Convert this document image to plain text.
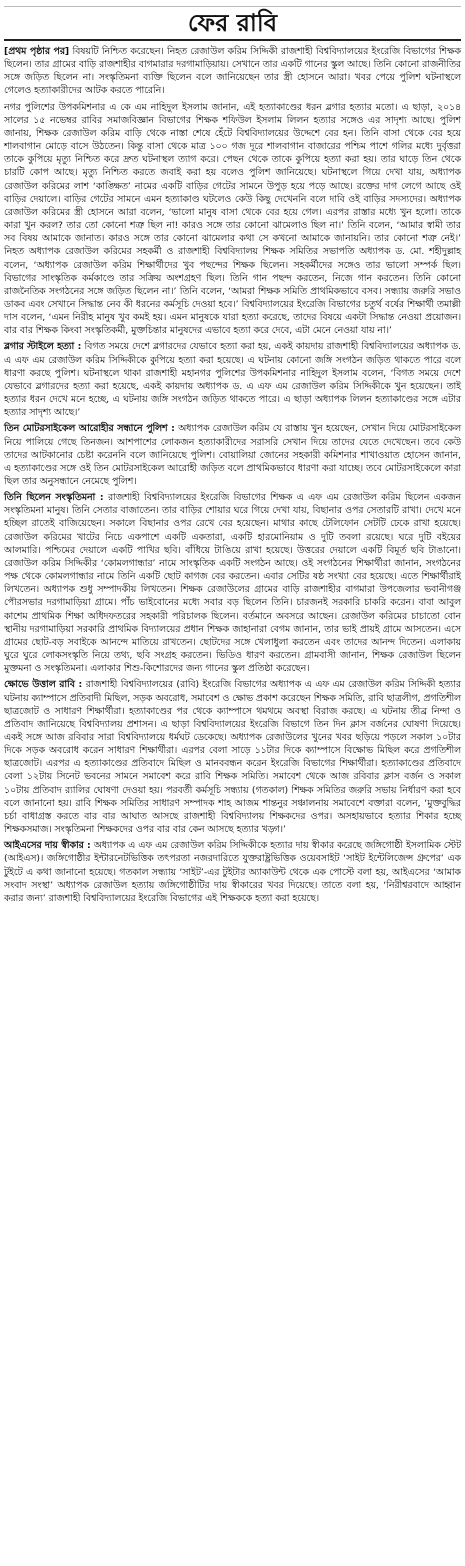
ফের রাবি

[প্রথম পৃষ্ঠার পর] বিষয়টি নিশ্চিত করেছেন। নিহত রেজাউল করিম সিদ্দিকী রাজশাহী বিশ্ববিদ্যালয়ের ইংরেজি বিভাগের শিক্ষক ছিলেন। তার গ্রামের বাড়ি রাজশাহীর বাগমারার দরগামাড়িয়ায়। সেখানে তার একটি গানের স্কুল আছে। তিনি কোনো রাজনীতির সঙ্গে জড়িত ছিলেন না। সংস্কৃতিমনা ব্যক্তি ছিলেন বলে জানিয়েছেন তার স্ত্রী হোসনে আরা। খবর পেয়ে পুলিশ ঘটনাস্থলে গেলেও হত্যাকারীদের আটক করতে পারেনি।

নগর পুলিশের উপকমিশনার এ কে এম নাহিদুল ইসলাম জানান, এই হত্যাকাণ্ডের ধরন ব্লগার হত্যার মতো। এ ছাড়া, ২০১৪ সালের ১৫ নভেম্বর রাবির সমাজবিজ্ঞান বিভাগের শিক্ষক শফিউল ইসলাম লিলন হত্যার সঙ্গেও এর সাদৃশ্য আছে। পুলিশ জানায়, শিক্ষক রেজাউল করিম বাড়ি থেকে নাস্তা শেষে হেঁটে বিশ্ববিদ্যালয়ের উদ্দেশে বের হন। তিনি বাসা থেকে বের হয়ে শালবাগান মোড়ে বাসে উঠতেন। কিন্তু বাসা থেকে মাত্র ১০০ গজ দূরে শালবাগান বাজারের পশ্চিম পাশে গলির মধ্যে দুর্বৃত্তরা তাকে কুপিয়ে মৃত্যু নিশ্চিত করে দ্রুত ঘটনাস্থল ত্যাগ করে। পেছন থেকে তাকে কুপিয়ে হত্যা করা হয়। তার ঘাড়ে তিন থেকে চারটি কোপ আছে। মৃত্যু নিশ্চিত করতে জবাই করা হয় বলেও পুলিশ জানিয়েছে। ঘটনাস্থলে গিয়ে দেখা যায়, অধ্যাপক রেজাউল করিমের লাশ ‘কাঙ্ক্ষিত’ নামের একটি বাড়ির গেটের সামনে উপুড় হয়ে পড়ে আছে। রক্তের দাগ লেগে আছে ওই বাড়ির দেয়ালে। বাড়ির গেটের সামনে এমন হত্যাকাণ্ড ঘটলেও কেউ কিছু দেখেননি বলে দাবি ওই বাড়ির সদস্যদের। অধ্যাপক রেজাউল করিমের স্ত্রী হোসনে আরা বলেন, ‘ভালো মানুষ বাসা থেকে বের হয়ে গেল। এরপর রাস্তার মধ্যে খুন হলো। তাকে কারা খুন করল? তার তো কোনো শত্রু ছিল না! কারও সঙ্গে তার কোনো ঝামেলাও ছিল না।’ তিনি বলেন, ‘আমার স্বামী তার সব বিষয় আমাকে জানাত। কারও সঙ্গে তার কোনো ঝামেলার কথা সে কখনো আমাকে জানায়নি। তার কোনো শত্রু নেই।’ নিহত অধ্যাপক রেজাউল করিমের সহকর্মী ও রাজশাহী বিশ্ববিদ্যালয় শিক্ষক সমিতির সভাপতি অধ্যাপক ড. মো. শহীদুল্লাহ বলেন, ‘অধ্যাপক রেজাউল করিম শিক্ষার্থীদের খুব পছন্দের শিক্ষক ছিলেন। সহকর্মীদের সঙ্গেও তার ভালো সম্পর্ক ছিল। বিভাগের সাংস্কৃতিক কর্মকাণ্ডে তার সক্রিয় অংশগ্রহণ ছিল। তিনি গান পছন্দ করতেন, নিজে গান করতেন। তিনি কোনো রাজনৈতিক সংগঠনের সঙ্গে জড়িত ছিলেন না।’ তিনি বলেন, ‘আমরা শিক্ষক সমিতি প্রাথমিকভাবে বসব। সন্ধ্যায় জরুরি সভাও ডাকব এবং সেখানে সিদ্ধান্ত নেব কী ধরনের কর্মসূচি দেওয়া হবে।’ বিশ্ববিদ্যালয়ের ইংরেজি বিভাগের চতুর্থ বর্ষের শিক্ষার্থী তমাল্লী দাস বলেন, ‘এমন নিরীহ মানুষ খুব কমই হয়। এমন মানুষকে যারা হত্যা করেছে, তাদের বিষয়ে একটা সিদ্ধান্ত নেওয়া প্রয়োজন। বার বার শিক্ষক কিংবা সংস্কৃতিকর্মী, মুক্তচিন্তার মানুষদের এভাবে হত্যা করে দেবে, এটা মেনে নেওয়া যায় না।’

ব্লগার স্টাইলে হত্যা : বিগত সময়ে দেশে ব্লগারদের যেভাবে হত্যা করা হয়, একই কায়দায় রাজশাহী বিশ্ববিদ্যালয়ের অধ্যাপক ড. এ এফ এম রেজাউল করিম সিদ্দিকীকে কুপিয়ে হত্যা করা হয়েছে। এ ঘটনায় কোনো জঙ্গি সংগঠন জড়িত থাকতে পারে বলে ধারণা করছে পুলিশ। ঘটনাস্থলে থাকা রাজশাহী মহানগর পুলিশের উপকমিশনার নাহিদুল ইসলাম বলেন, ‘বিগত সময়ে দেশে যেভাবে ব্লগারদের হত্যা করা হয়েছে, একই কায়দায় অধ্যাপক ড. এ এফ এম রেজাউল করিম সিদ্দিকীকে খুন হয়েছেন। তাই হত্যার ধরন দেখে মনে হচ্ছে, এ ঘটনায় জঙ্গি সংগঠন জড়িত থাকতে পারে। এ ছাড়া অধ্যাপক লিলন হত্যাকাণ্ডের সঙ্গে এটার হত্যার সাদৃশ্য আছে।’

তিন মোটরসাইকেল আরোহীর সন্ধানে পুলিশ : অধ্যাপক রেজাউল করিম যে রাস্তায় খুন হয়েছেন, সেখান দিয়ে মোটরসাইকেল নিয়ে পালিয়ে গেছে তিনজন। আশপাশের লোকজন হত্যাকারীদের সরাসরি সেখান দিয়ে তাদের যেতে দেখেছেন। তবে কেউ তাদের আটকানোর চেষ্টা করেননি বলে জানিয়েছে পুলিশ। বোয়ালিয়া জোনের সহকারী কমিশনার শাখাওয়াত হোসেন জানান, এ হত্যাকাণ্ডের সঙ্গে ওই তিন মোটরসাইকেল আরোহী জড়িত বলে প্রাথমিকভাবে ধারণা করা যাচ্ছে। তবে মোটরসাইকেলে কারা ছিল তার অনুসন্ধানে নেমেছে পুলিশ।

তিনি ছিলেন সংস্কৃতিমনা : রাজশাহী বিশ্ববিদ্যালয়ের ইংরেজি বিভাগের শিক্ষক এ এফ এম রেজাউল করিম ছিলেন একজন সংস্কৃতিমনা মানুষ। তিনি সেতার বাজাতেন। তার বাড়ির শোয়ার ঘরে গিয়ে দেখা যায়, বিছানার ওপর সেতারটি রাখা। দেখে মনে হচ্ছিল রাতেই বাজিয়েছেন। সকালে বিছানার ওপর রেখে বের হয়েছেন। মাথার কাছে টেলিফোন সেটটি ঢেকে রাখা হয়েছে। রেজাউল করিমের খাটের নিচে একপাশে একটি একতারা, একটি হারমোনিয়াম ও দুটি তবলা রয়েছে। ঘরে দুটি বইয়ের আলমারি। পশ্চিমের দেয়ালে একটি পাখির ছবি। বাঁধিয়ে টাঙিয়ে রাখা হয়েছে। উত্তরের দেয়ালে একটি বিমূর্ত ছবি টাঙানো। রেজাউল করিম সিদ্দিকীর ‘কোমলগান্ধার’ নামে সাংস্কৃতিক একটি সংগঠন আছে। ওই সংগঠনের শিক্ষার্থীরা জানান, সংগঠনের পক্ষ থেকে কোমলগান্ধার নামে তিনি একটি ছোট কাগজ বের করতেন। এবার সেটির ষষ্ঠ সংখ্যা বের হয়েছে। এতে শিক্ষার্থীরাই লিখতেন। অধ্যাপক শুধু সম্পাদকীয় লিখতেন। শিক্ষক রেজাউলের গ্রামের বাড়ি রাজশাহীর বাগমারা উপজেলার ভবানীগঞ্জ পৌরসভার দরগামাড়িয়া গ্রামে। পাঁচ ভাইবোনের মধ্যে সবার বড় ছিলেন তিনি। চারজনই সরকারি চাকরি করেন। বাবা আবুল কাশেম প্রাথমিক শিক্ষা অধিদফতরের সহকারী পরিচালক ছিলেন। বর্তমানে অবসরে আছেন। রেজাউল করিমের চাচাতো বোন স্থানীয় দরগামাড়িয়া সরকারি প্রাথমিক বিদ্যালয়ের প্রধান শিক্ষক জাহানারা বেগম জানান, তার ভাই প্রায়ই গ্রামে আসতেন। এসে গ্রামের ছোট-বড় সবাইকে আনন্দে মাতিয়ে রাখতেন। ছোটদের সঙ্গে খেলাধুলা করতেন এবং তাদের আনন্দ দিতেন। এলাকায় ঘুরে ঘুরে লোকসংস্কৃতি নিয়ে তথ্য, ছবি সংগ্রহ করতেন। ভিডিও ধারণ করতেন। গ্রামবাসী জানান, শিক্ষক রেজাউল ছিলেন মুক্তমনা ও সংস্কৃতিমনা। এলাকার শিশু-কিশোরদের জন্য গানের স্কুল প্রতিষ্ঠা করেছেন।

ক্ষোভে উত্তাল রাবি : রাজশাহী বিশ্ববিদ্যালয়ের (রাবি) ইংরেজি বিভাগের অধ্যাপক এ এফ এম রেজাউল করিম সিদ্দিকী হত্যার ঘটনায় ক্যাম্পাসে প্রতিবাদী মিছিল, সড়ক অবরোধ, সমাবেশ ও ক্ষোভ প্রকাশ করেছেন শিক্ষক সমিতি, রাবি ছাত্রলীগ, প্রগতিশীল ছাত্রজোট ও সাধারণ শিক্ষার্থীরা। হত্যাকাণ্ডের পর থেকে ক্যাম্পাসে থমথমে অবস্থা বিরাজ করছে। এ ঘটনায় তীব্র নিন্দা ও প্রতিবাদ জানিয়েছে বিশ্ববিদ্যালয় প্রশাসন। এ ছাড়া বিশ্ববিদ্যালয়ের ইংরেজি বিভাগে তিন দিন ক্লাস বর্জনের ঘোষণা দিয়েছে। একই সঙ্গে আজ রবিবার সারা বিশ্ববিদ্যালয়ে ধর্মঘট ডেকেছে। অধ্যাপক রেজাউলের খুনের খবর ছড়িয়ে পড়লে সকাল ১০টার দিকে সড়ক অবরোধ করেন সাধারণ শিক্ষার্থীরা। এরপর বেলা সাড়ে ১১টার দিকে ক্যাম্পাসে বিক্ষোভ মিছিল করে প্রগতিশীল ছাত্রজোট। এরপর এ হত্যাকাণ্ডের প্রতিবাদে মিছিল ও মানববন্ধন করেন ইংরেজি বিভাগের শিক্ষার্থীরা। হত্যাকাণ্ডের প্রতিবাদে বেলা ১২টায় সিনেট ভবনের সামনে সমাবেশ করে রাবি শিক্ষক সমিতি। সমাবেশ থেকে আজ রবিবার ক্লাস বর্জন ও সকাল ১০টায় প্রতিবাদ র‍্যালির ঘোষণা দেওয়া হয়। পরবর্তী কর্মসূচি সন্ধ্যায় (গতকাল) শিক্ষক সমিতির জরুরি সভায় নির্ধারণ করা হবে বলে জানানো হয়। রাবি শিক্ষক সমিতির সাধারণ সম্পাদক শাহ আজম শান্তনুর সঞ্চালনায় সমাবেশে বক্তারা বলেন, ‘মুক্তবুদ্ধির চর্চা বাধাগ্রস্ত করতে বার বার আঘাত আসছে রাজশাহী বিশ্ববিদ্যালয় শিক্ষকদের ওপর। অসহায়ভাবে হত্যার শিকার হচ্ছে শিক্ষকসমাজ। সংস্কৃতিমনা শিক্ষকদের ওপর বার বার কেন আসছে হত্যার খড়্গ।’

আইএসের দায় স্বীকার : অধ্যাপক এ এফ এম রেজাউল করিম সিদ্দিকীকে হত্যার দায় স্বীকার করেছে জঙ্গিগোষ্ঠী ইসলামিক স্টেট (আইএস)। জঙ্গিগোষ্ঠীর ইন্টারনেটভিত্তিক তৎপরতা নজরদারিতে যুক্তরাষ্ট্রভিত্তিক ওয়েবসাইট ‘সাইট ইন্টেলিজেন্স গ্রুপের’ এক টুইটে এ কথা জানানো হয়েছে। গতকাল সন্ধ্যায় ‘সাইট’-এর টুইটার অ্যাকাউন্ট থেকে এক পোস্টে বলা হয়, আইএসের ‘আমাক সংবাদ সংস্থা’ অধ্যাপক রেজাউল হত্যায় জঙ্গিগোষ্ঠীটির দায় স্বীকারের খবর দিয়েছে। তাতে বলা হয়, ‘নিরীশ্বরবাদে আহ্বান করার জন্য’ রাজশাহী বিশ্ববিদ্যালয়ের ইংরেজি বিভাগের এই শিক্ষককে হত্যা করা হয়েছে।
